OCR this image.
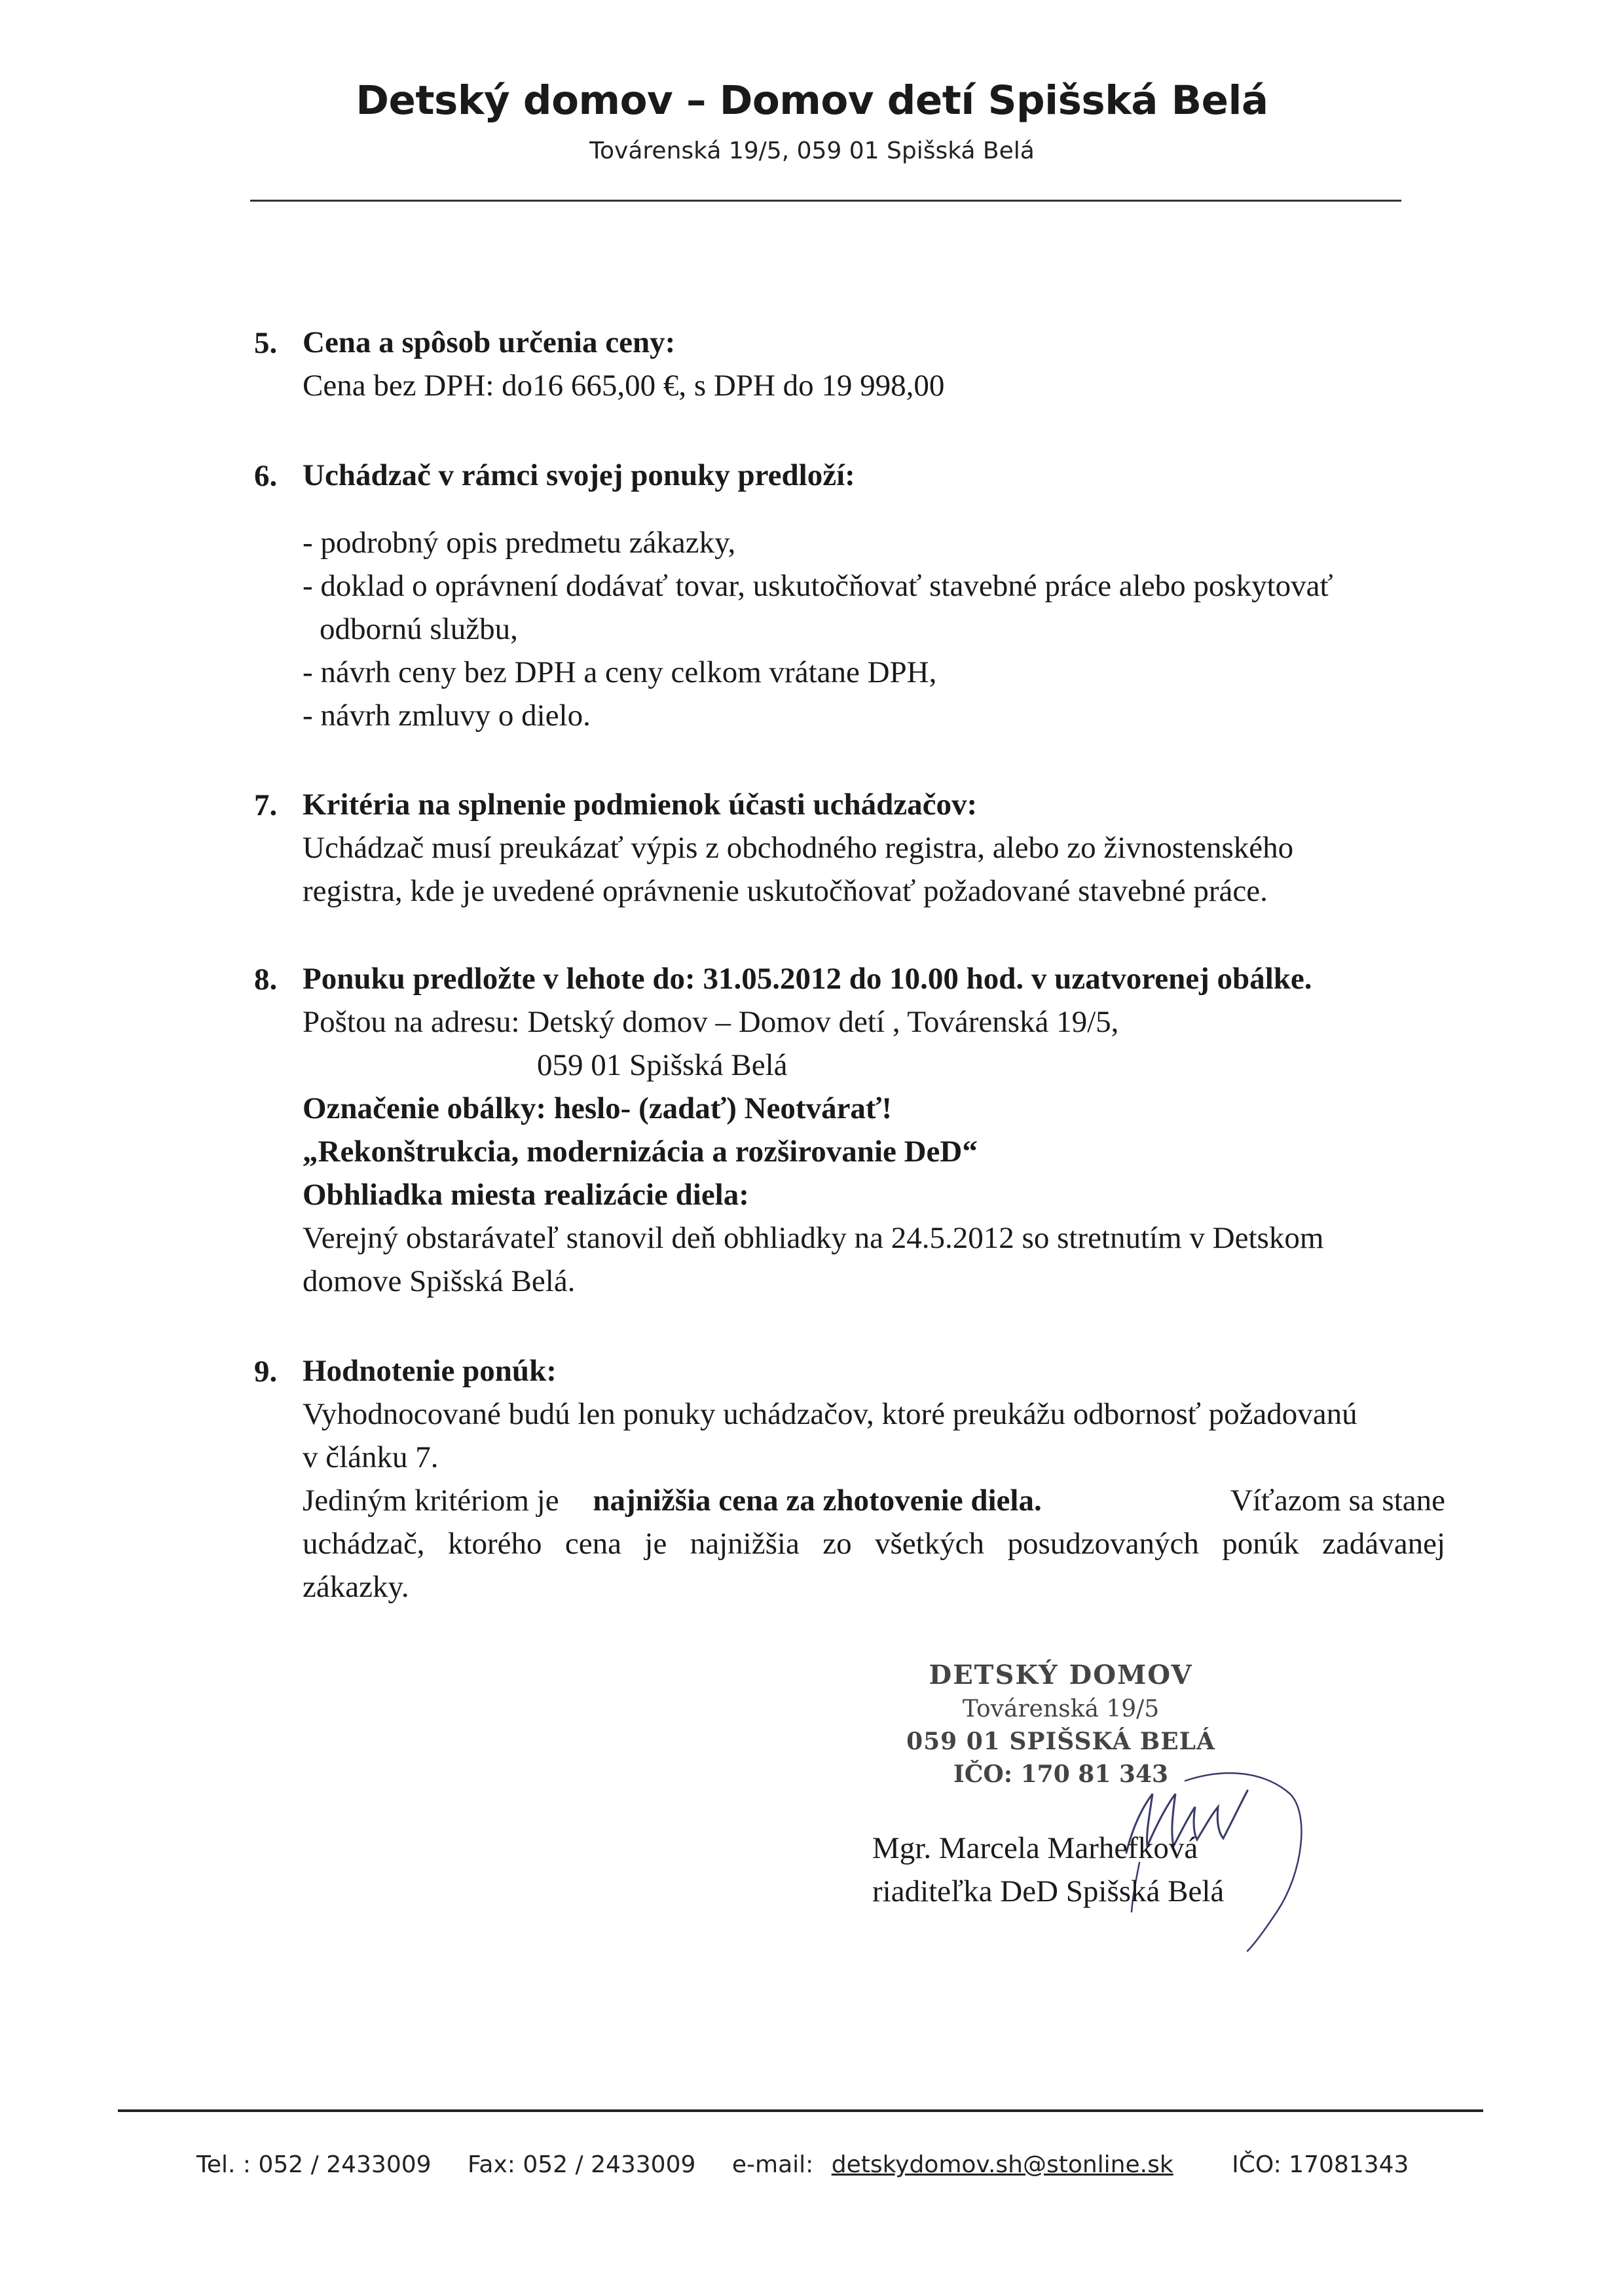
Detský domov – Domov detí Spišská Belá
Továrenská 19/5, 059 01 Spišská Belá
5. Cena a spôsob určenia ceny:
Cena bez DPH: do16 665,00 €, s DPH do 19 998,00
6. Uchádzač v rámci svojej ponuky predloží:
- podrobný opis predmetu zákazky,
- doklad o oprávnení dodávať tovar, uskutočňovať stavebné práce alebo poskytovať
odbornú službu,
- návrh ceny bez DPH a ceny celkom vrátane DPH,
- návrh zmluvy o dielo.
7. Kritéria na splnenie podmienok účasti uchádzačov:
Uchádzač musí preukázať výpis z obchodného registra, alebo zo živnostenského
registra, kde je uvedené oprávnenie uskutočňovať požadované stavebné práce.
8. Ponuku predložte v lehote do: 31.05.2012 do 10.00 hod. v uzatvorenej obálke.
Poštou na adresu: Detský domov – Domov detí , Továrenská 19/5,
059 01 Spišská Belá
Označenie obálky: heslo- (zadať) Neotvárať!
„Rekonštrukcia, modernizácia a rozširovanie DeD“
Obhliadka miesta realizácie diela:
Verejný obstarávateľ stanovil deň obhliadky na 24.5.2012 so stretnutím v Detskom
domove Spišská Belá.
9. Hodnotenie ponúk:
Vyhodnocované budú len ponuky uchádzačov, ktoré preukážu odbornosť požadovanú
v článku 7.
Jediným kritériom je najnižšia cena za zhotovenie diela.	Víťazom sa stane
uchádzač, ktorého cena je najnižšia zo všetkých posudzovaných ponúk zadávanej
zákazky.
DETSKÝ DOMOV
Továrenská 19/5
059 01 SPIŠSKÁ BELÁ
IČO: 170 81 343
Mgr. Marcela Marhefková
riaditeľka DeD Spišská Belá
Tel. : 052 / 2433009 Fax: 052 / 2433009 e-mail: detskydomov.sh@stonline.sk IČO: 17081343
